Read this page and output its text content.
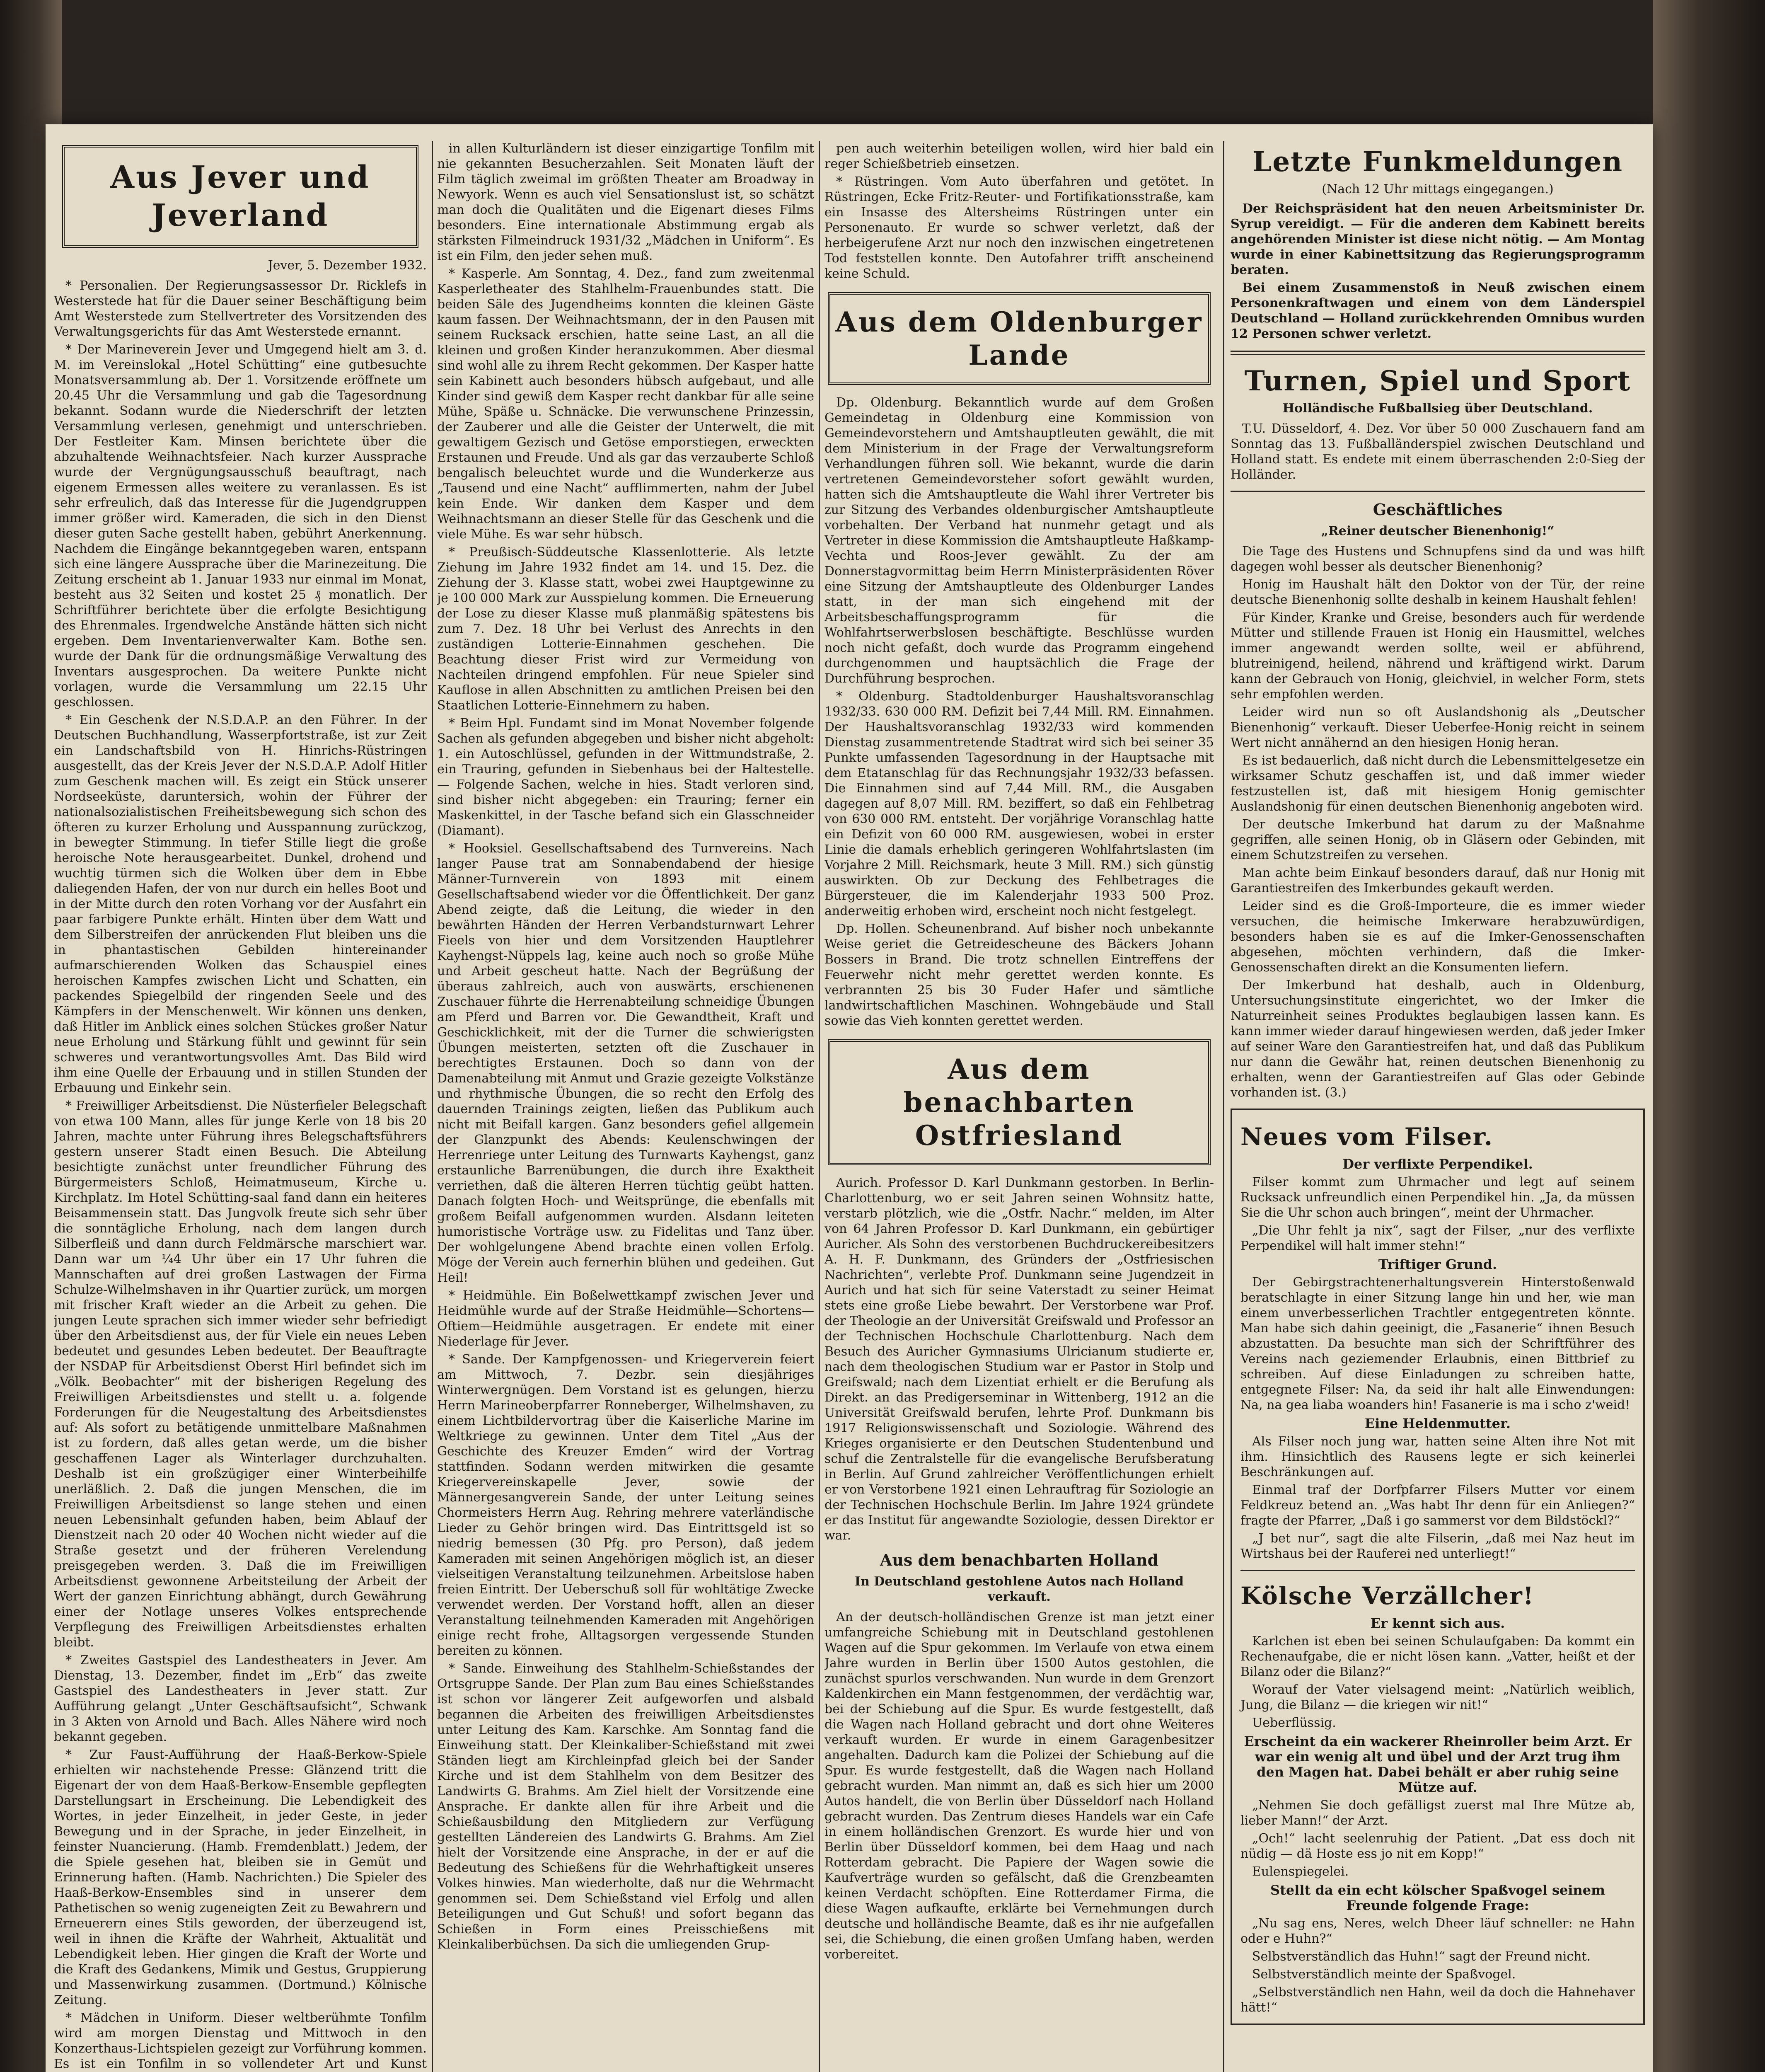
Aus Jever und Jeverland
Jever, 5. Dezember 1932.

* Personalien. Der Regierungsassessor Dr. Ricklefs in Westerstede hat für die Dauer seiner Beschäftigung beim Amt Westerstede zum Stellvertreter des Vorsitzenden des Verwaltungsgerichts für das Amt Westerstede ernannt.

* Der Marineverein Jever und Umgegend hielt am 3. d. M. im Vereinslokal „Hotel Schütting“ eine gutbesuchte Monatsversammlung ab. Der 1. Vorsitzende eröffnete um 20.45 Uhr die Versammlung und gab die Tagesordnung bekannt. Sodann wurde die Niederschrift der letzten Versammlung verlesen, genehmigt und unterschrieben. Der Festleiter Kam. Minsen berichtete über die abzuhaltende Weihnachtsfeier. Nach kurzer Aussprache wurde der Vergnügungsausschuß beauftragt, nach eigenem Ermessen alles weitere zu veranlassen. Es ist sehr erfreulich, daß das Interesse für die Jugendgruppen immer größer wird. Kameraden, die sich in den Dienst dieser guten Sache gestellt haben, gebührt Anerkennung. Nachdem die Eingänge bekanntgegeben waren, entspann sich eine längere Aussprache über die Marinezeitung. Die Zeitung erscheint ab 1. Januar 1933 nur einmal im Monat, besteht aus 32 Seiten und kostet 25 ₰ monatlich. Der Schriftführer berichtete über die erfolgte Besichtigung des Ehrenmales. Irgendwelche Anstände hätten sich nicht ergeben. Dem Inventarienverwalter Kam. Bothe sen. wurde der Dank für die ordnungsmäßige Verwaltung des Inventars ausgesprochen. Da weitere Punkte nicht vorlagen, wurde die Versammlung um 22.15 Uhr geschlossen.

* Ein Geschenk der N.S.D.A.P. an den Führer. In der Deutschen Buchhandlung, Wasserpfortstraße, ist zur Zeit ein Landschaftsbild von H. Hinrichs-Rüstringen ausgestellt, das der Kreis Jever der N.S.D.A.P. Adolf Hitler zum Geschenk machen will. Es zeigt ein Stück unserer Nordseeküste, daruntersich, wohin der Führer der nationalsozialistischen Freiheitsbewegung sich schon des öfteren zu kurzer Erholung und Ausspannung zurückzog, in bewegter Stimmung. In tiefer Stille liegt die große heroische Note herausgearbeitet. Dunkel, drohend und wuchtig türmen sich die Wolken über dem in Ebbe daliegenden Hafen, der von nur durch ein helles Boot und in der Mitte durch den roten Vorhang vor der Ausfahrt ein paar farbigere Punkte erhält. Hinten über dem Watt und dem Silberstreifen der anrückenden Flut bleiben uns die in phantastischen Gebilden hintereinander aufmarschierenden Wolken das Schauspiel eines heroischen Kampfes zwischen Licht und Schatten, ein packendes Spiegelbild der ringenden Seele und des Kämpfers in der Menschenwelt. Wir können uns denken, daß Hitler im Anblick eines solchen Stückes großer Natur neue Erholung und Stärkung fühlt und gewinnt für sein schweres und verantwortungsvolles Amt. Das Bild wird ihm eine Quelle der Erbauung und in stillen Stunden der Erbauung und Einkehr sein.

* Freiwilliger Arbeitsdienst. Die Nüsterfieler Belegschaft von etwa 100 Mann, alles für junge Kerle von 18 bis 20 Jahren, machte unter Führung ihres Belegschaftsführers gestern unserer Stadt einen Besuch. Die Abteilung besichtigte zunächst unter freundlicher Führung des Bürgermeisters Schloß, Heimatmuseum, Kirche u. Kirchplatz. Im Hotel Schütting-saal fand dann ein heiteres Beisammensein statt. Das Jungvolk freute sich sehr über die sonntägliche Erholung, nach dem langen durch Silberfleiß und dann durch Feldmärsche marschiert war. Dann war um ¼4 Uhr über ein 17 Uhr fuhren die Mannschaften auf drei großen Lastwagen der Firma Schulze-Wilhelmshaven in ihr Quartier zurück, um morgen mit frischer Kraft wieder an die Arbeit zu gehen. Die jungen Leute sprachen sich immer wieder sehr befriedigt über den Arbeitsdienst aus, der für Viele ein neues Leben bedeutet und gesundes Leben bedeutet. Der Beauftragte der NSDAP für Arbeitsdienst Oberst Hirl befindet sich im „Völk. Beobachter“ mit der bisherigen Regelung des Freiwilligen Arbeitsdienstes und stellt u. a. folgende Forderungen für die Neugestaltung des Arbeitsdienstes auf: Als sofort zu betätigende unmittelbare Maßnahmen ist zu fordern, daß alles getan werde, um die bisher geschaffenen Lager als Winterlager durchzuhalten. Deshalb ist ein großzügiger einer Winterbeihilfe unerläßlich. 2. Daß die jungen Menschen, die im Freiwilligen Arbeitsdienst so lange stehen und einen neuen Lebensinhalt gefunden haben, beim Ablauf der Dienstzeit nach 20 oder 40 Wochen nicht wieder auf die Straße gesetzt und der früheren Verelendung preisgegeben werden. 3. Daß die im Freiwilligen Arbeitsdienst gewonnene Arbeitsteilung der Arbeit der Wert der ganzen Einrichtung abhängt, durch Gewährung einer der Notlage unseres Volkes entsprechende Verpflegung des Freiwilligen Arbeitsdienstes erhalten bleibt.

* Zweites Gastspiel des Landestheaters in Jever. Am Dienstag, 13. Dezember, findet im „Erb“ das zweite Gastspiel des Landestheaters in Jever statt. Zur Aufführung gelangt „Unter Geschäftsaufsicht“, Schwank in 3 Akten von Arnold und Bach. Alles Nähere wird noch bekannt gegeben.

* Zur Faust-Aufführung der Haaß-Berkow-Spiele erhielten wir nachstehende Presse: Glänzend tritt die Eigenart der von dem Haaß-Berkow-Ensemble gepflegten Darstellungsart in Erscheinung. Die Lebendigkeit des Wortes, in jeder Einzelheit, in jeder Geste, in jeder Bewegung und in der Sprache, in jeder Einzelheit, in feinster Nuancierung. (Hamb. Fremdenblatt.) Jedem, der die Spiele gesehen hat, bleiben sie in Gemüt und Erinnerung haften. (Hamb. Nachrichten.) Die Spieler des Haaß-Berkow-Ensembles sind in unserer dem Pathetischen so wenig zugeneigten Zeit zu Bewahrern und Erneuerern eines Stils geworden, der überzeugend ist, weil in ihnen die Kräfte der Wahrheit, Aktualität und Lebendigkeit leben. Hier gingen die Kraft der Worte und die Kraft des Gedankens, Mimik und Gestus, Gruppierung und Massenwirkung zusammen. (Dortmund.) Kölnische Zeitung.

* Mädchen in Uniform. Dieser weltberühmte Tonfilm wird am morgen Dienstag und Mittwoch in den Konzerthaus-Lichtspielen gezeigt zur Vorführung kommen. Es ist ein Tonfilm in so vollendeter Art und Kunst

in allen Kulturländern ist dieser einzigartige Tonfilm mit nie gekannten Besucherzahlen. Seit Monaten läuft der Film täglich zweimal im größten Theater am Broadway in Newyork. Wenn es auch viel Sensationslust ist, so schätzt man doch die Qualitäten und die Eigenart dieses Films besonders. Eine internationale Abstimmung ergab als stärksten Filmeindruck 1931/32 „Mädchen in Uniform“. Es ist ein Film, den jeder sehen muß.

* Kasperle. Am Sonntag, 4. Dez., fand zum zweitenmal Kasperletheater des Stahlhelm-Frauenbundes statt. Die beiden Säle des Jugendheims konnten die kleinen Gäste kaum fassen. Der Weihnachtsmann, der in den Pausen mit seinem Rucksack erschien, hatte seine Last, an all die kleinen und großen Kinder heranzukommen. Aber diesmal sind wohl alle zu ihrem Recht gekommen. Der Kasper hatte sein Kabinett auch besonders hübsch aufgebaut, und alle Kinder sind gewiß dem Kasper recht dankbar für alle seine Mühe, Späße u. Schnäcke. Die verwunschene Prinzessin, der Zauberer und alle die Geister der Unterwelt, die mit gewaltigem Gezisch und Getöse emporstiegen, erweckten Erstaunen und Freude. Und als gar das verzauberte Schloß bengalisch beleuchtet wurde und die Wunderkerze aus „Tausend und eine Nacht“ aufflimmerten, nahm der Jubel kein Ende. Wir danken dem Kasper und dem Weihnachtsmann an dieser Stelle für das Geschenk und die viele Mühe. Es war sehr hübsch.

* Preußisch-Süddeutsche Klassenlotterie. Als letzte Ziehung im Jahre 1932 findet am 14. und 15. Dez. die Ziehung der 3. Klasse statt, wobei zwei Hauptgewinne zu je 100 000 Mark zur Ausspielung kommen. Die Erneuerung der Lose zu dieser Klasse muß planmäßig spätestens bis zum 7. Dez. 18 Uhr bei Verlust des Anrechts in den zuständigen Lotterie-Einnahmen geschehen. Die Beachtung dieser Frist wird zur Vermeidung von Nachteilen dringend empfohlen. Für neue Spieler sind Kauflose in allen Abschnitten zu amtlichen Preisen bei den Staatlichen Lotterie-Einnehmern zu haben.

* Beim Hpl. Fundamt sind im Monat November folgende Sachen als gefunden abgegeben und bisher nicht abgeholt: 1. ein Autoschlüssel, gefunden in der Wittmundstraße, 2. ein Trauring, gefunden in Siebenhaus bei der Haltestelle. — Folgende Sachen, welche in hies. Stadt verloren sind, sind bisher nicht abgegeben: ein Trauring; ferner ein Maskenkittel, in der Tasche befand sich ein Glasschneider (Diamant).

* Hooksiel. Gesellschaftsabend des Turnvereins. Nach langer Pause trat am Sonnabendabend der hiesige Männer-Turnverein von 1893 mit einem Gesellschaftsabend wieder vor die Öffentlichkeit. Der ganz Abend zeigte, daß die Leitung, die wieder in den bewährten Händen der Herren Verbandsturnwart Lehrer Fieels von hier und dem Vorsitzenden Hauptlehrer Kayhengst-Nüppels lag, keine auch noch so große Mühe und Arbeit gescheut hatte. Nach der Begrüßung der überaus zahlreich, auch von auswärts, erschienenen Zuschauer führte die Herrenabteilung schneidige Übungen am Pferd und Barren vor. Die Gewandtheit, Kraft und Geschicklichkeit, mit der die Turner die schwierigsten Übungen meisterten, setzten oft die Zuschauer in berechtigtes Erstaunen. Doch so dann von der Damenabteilung mit Anmut und Grazie gezeigte Volkstänze und rhythmische Übungen, die so recht den Erfolg des dauernden Trainings zeigten, ließen das Publikum auch nicht mit Beifall kargen. Ganz besonders gefiel allgemein der Glanzpunkt des Abends: Keulenschwingen der Herrenriege unter Leitung des Turnwarts Kayhengst, ganz erstaunliche Barrenübungen, die durch ihre Exaktheit verriethen, daß die älteren Herren tüchtig geübt hatten. Danach folgten Hoch- und Weitsprünge, die ebenfalls mit großem Beifall aufgenommen wurden. Alsdann leiteten humoristische Vorträge usw. zu Fidelitas und Tanz über. Der wohlgelungene Abend brachte einen vollen Erfolg. Möge der Verein auch fernerhin blühen und gedeihen. Gut Heil!

* Heidmühle. Ein Boßelwettkampf zwischen Jever und Heidmühle wurde auf der Straße Heidmühle—Schortens—Oftiem—Heidmühle ausgetragen. Er endete mit einer Niederlage für Jever.

* Sande. Der Kampfgenossen- und Kriegerverein feiert am Mittwoch, 7. Dezbr. sein diesjähriges Winterwergnügen. Dem Vorstand ist es gelungen, hierzu Herrn Marineoberpfarrer Ronneberger, Wilhelmshaven, zu einem Lichtbildervortrag über die Kaiserliche Marine im Weltkriege zu gewinnen. Unter dem Titel „Aus der Geschichte des Kreuzer Emden“ wird der Vortrag stattfinden. Sodann werden mitwirken die gesamte Kriegervereinskapelle Jever, sowie der Männergesangverein Sande, der unter Leitung seines Chormeisters Herrn Aug. Rehring mehrere vaterländische Lieder zu Gehör bringen wird. Das Eintrittsgeld ist so niedrig bemessen (30 Pfg. pro Person), daß jedem Kameraden mit seinen Angehörigen möglich ist, an dieser vielseitigen Veranstaltung teilzunehmen. Arbeitslose haben freien Eintritt. Der Ueberschuß soll für wohltätige Zwecke verwendet werden. Der Vorstand hofft, allen an dieser Veranstaltung teilnehmenden Kameraden mit Angehörigen einige recht frohe, Alltagsorgen vergessende Stunden bereiten zu können.

* Sande. Einweihung des Stahlhelm-Schießstandes der Ortsgruppe Sande. Der Plan zum Bau eines Schießstandes ist schon vor längerer Zeit aufgeworfen und alsbald begannen die Arbeiten des freiwilligen Arbeitsdienstes unter Leitung des Kam. Karschke. Am Sonntag fand die Einweihung statt. Der Kleinkaliber-Schießstand mit zwei Ständen liegt am Kirchleinpfad gleich bei der Sander Kirche und ist dem Stahlhelm von dem Besitzer des Landwirts G. Brahms. Am Ziel hielt der Vorsitzende eine Ansprache. Er dankte allen für ihre Arbeit und die Schießausbildung den Mitgliedern zur Verfügung gestellten Ländereien des Landwirts G. Brahms. Am Ziel hielt der Vorsitzende eine Ansprache, in der er auf die Bedeutung des Schießens für die Wehrhaftigkeit unseres Volkes hinwies. Man wiederholte, daß nur die Wehrmacht genommen sei. Dem Schießstand viel Erfolg und allen Beteiligungen und Gut Schuß! und sofort begann das Schießen in Form eines Preisschießens mit Kleinkaliberbüchsen. Da sich die umliegenden Grup-

pen auch weiterhin beteiligen wollen, wird hier bald ein reger Schießbetrieb einsetzen.

* Rüstringen. Vom Auto überfahren und getötet. In Rüstringen, Ecke Fritz-Reuter- und Fortifikationsstraße, kam ein Insasse des Altersheims Rüstringen unter ein Personenauto. Er wurde so schwer verletzt, daß der herbeigerufene Arzt nur noch den inzwischen eingetretenen Tod feststellen konnte. Den Autofahrer trifft anscheinend keine Schuld.

Aus dem Oldenburger Lande

Dp. Oldenburg. Bekanntlich wurde auf dem Großen Gemeindetag in Oldenburg eine Kommission von Gemeindevorstehern und Amtshauptleuten gewählt, die mit dem Ministerium in der Frage der Verwaltungsreform Verhandlungen führen soll. Wie bekannt, wurde die darin vertretenen Gemeindevorsteher sofort gewählt wurden, hatten sich die Amtshauptleute die Wahl ihrer Vertreter bis zur Sitzung des Verbandes oldenburgischer Amtshauptleute vorbehalten. Der Verband hat nunmehr getagt und als Vertreter in diese Kommission die Amtshauptleute Haßkamp-Vechta und Roos-Jever gewählt. Zu der am Donnerstagvormittag beim Herrn Ministerpräsidenten Röver eine Sitzung der Amtshauptleute des Oldenburger Landes statt, in der man sich eingehend mit der Arbeitsbeschaffungsprogramm für die Wohlfahrtserwerbslosen beschäftigte. Beschlüsse wurden noch nicht gefaßt, doch wurde das Programm eingehend durchgenommen und hauptsächlich die Frage der Durchführung besprochen.

* Oldenburg. Stadtoldenburger Haushaltsvoranschlag 1932/33. 630 000 RM. Defizit bei 7,44 Mill. RM. Einnahmen. Der Haushaltsvoranschlag 1932/33 wird kommenden Dienstag zusammentretende Stadtrat wird sich bei seiner 35 Punkte umfassenden Tagesordnung in der Hauptsache mit dem Etatanschlag für das Rechnungsjahr 1932/33 befassen. Die Einnahmen sind auf 7,44 Mill. RM., die Ausgaben dagegen auf 8,07 Mill. RM. beziffert, so daß ein Fehlbetrag von 630 000 RM. entsteht. Der vorjährige Voranschlag hatte ein Defizit von 60 000 RM. ausgewiesen, wobei in erster Linie die damals erheblich geringeren Wohlfahrtslasten (im Vorjahre 2 Mill. Reichsmark, heute 3 Mill. RM.) sich günstig auswirkten. Ob zur Deckung des Fehlbetrages die Bürgersteuer, die im Kalenderjahr 1933 500 Proz. anderweitig erhoben wird, erscheint noch nicht festgelegt.

Dp. Hollen. Scheunenbrand. Auf bisher noch unbekannte Weise geriet die Getreidescheune des Bäckers Johann Bossers in Brand. Die trotz schnellen Eintreffens der Feuerwehr nicht mehr gerettet werden konnte. Es verbrannten 25 bis 30 Fuder Hafer und sämtliche landwirtschaftlichen Maschinen. Wohngebäude und Stall sowie das Vieh konnten gerettet werden.

Aus dem benachbarten Ostfriesland

Aurich. Professor D. Karl Dunkmann gestorben. In Berlin-Charlottenburg, wo er seit Jahren seinen Wohnsitz hatte, verstarb plötzlich, wie die „Ostfr. Nachr.“ melden, im Alter von 64 Jahren Professor D. Karl Dunkmann, ein gebürtiger Auricher. Als Sohn des verstorbenen Buchdruckereibesitzers A. H. F. Dunkmann, des Gründers der „Ostfriesischen Nachrichten“, verlebte Prof. Dunkmann seine Jugendzeit in Aurich und hat sich für seine Vaterstadt zu seiner Heimat stets eine große Liebe bewahrt. Der Verstorbene war Prof. der Theologie an der Universität Greifswald und Professor an der Technischen Hochschule Charlottenburg. Nach dem Besuch des Auricher Gymnasiums Ulricianum studierte er, nach dem theologischen Studium war er Pastor in Stolp und Greifswald; nach dem Lizentiat erhielt er die Berufung als Direkt. an das Predigerseminar in Wittenberg, 1912 an die Universität Greifswald berufen, lehrte Prof. Dunkmann bis 1917 Religionswissenschaft und Soziologie. Während des Krieges organisierte er den Deutschen Studentenbund und schuf die Zentralstelle für die evangelische Berufsberatung in Berlin. Auf Grund zahlreicher Veröffentlichungen erhielt er von Verstorbene 1921 einen Lehrauftrag für Soziologie an der Technischen Hochschule Berlin. Im Jahre 1924 gründete er das Institut für angewandte Soziologie, dessen Direktor er war.

Aus dem benachbarten Holland
In Deutschland gestohlene Autos nach Holland verkauft.

An der deutsch-holländischen Grenze ist man jetzt einer umfangreiche Schiebung mit in Deutschland gestohlenen Wagen auf die Spur gekommen. Im Verlaufe von etwa einem Jahre wurden in Berlin über 1500 Autos gestohlen, die zunächst spurlos verschwanden. Nun wurde in dem Grenzort Kaldenkirchen ein Mann festgenommen, der verdächtig war, bei der Schiebung auf die Spur. Es wurde festgestellt, daß die Wagen nach Holland gebracht und dort ohne Weiteres verkauft wurden. Er wurde in einem Garagenbesitzer angehalten. Dadurch kam die Polizei der Schiebung auf die Spur. Es wurde festgestellt, daß die Wagen nach Holland gebracht wurden. Man nimmt an, daß es sich hier um 2000 Autos handelt, die von Berlin über Düsseldorf nach Holland gebracht wurden. Das Zentrum dieses Handels war ein Cafe in einem holländischen Grenzort. Es wurde hier und von Berlin über Düsseldorf kommen, bei dem Haag und nach Rotterdam gebracht. Die Papiere der Wagen sowie die Kaufverträge wurden so gefälscht, daß die Grenzbeamten keinen Verdacht schöpften. Eine Rotterdamer Firma, die diese Wagen aufkaufte, erklärte bei Vernehmungen durch deutsche und holländische Beamte, daß es ihr nie aufgefallen sei, die Schiebung, die einen großen Umfang haben, werden vorbereitet.

Letzte Funkmeldungen
(Nach 12 Uhr mittags eingegangen.)

Der Reichspräsident hat den neuen Arbeitsminister Dr. Syrup vereidigt. — Für die anderen dem Kabinett bereits angehörenden Minister ist diese nicht nötig. — Am Montag wurde in einer Kabinettsitzung das Regierungsprogramm beraten.

Bei einem Zusammenstoß in Neuß zwischen einem Personenkraftwagen und einem von dem Länderspiel Deutschland — Holland zurückkehrenden Omnibus wurden 12 Personen schwer verletzt.

Turnen, Spiel und Sport
Holländische Fußballsieg über Deutschland.

T.U. Düsseldorf, 4. Dez. Vor über 50 000 Zuschauern fand am Sonntag das 13. Fußballänderspiel zwischen Deutschland und Holland statt. Es endete mit einem überraschenden 2:0-Sieg der Holländer.

Geschäftliches
„Reiner deutscher Bienenhonig!“

Die Tage des Hustens und Schnupfens sind da und was hilft dagegen wohl besser als deutscher Bienenhonig?

Honig im Haushalt hält den Doktor von der Tür, der reine deutsche Bienenhonig sollte deshalb in keinem Haushalt fehlen!

Für Kinder, Kranke und Greise, besonders auch für werdende Mütter und stillende Frauen ist Honig ein Hausmittel, welches immer angewandt werden sollte, weil er abführend, blutreinigend, heilend, nährend und kräftigend wirkt. Darum kann der Gebrauch von Honig, gleichviel, in welcher Form, stets sehr empfohlen werden.

Leider wird nun so oft Auslandshonig als „Deutscher Bienenhonig“ verkauft. Dieser Ueberfee-Honig reicht in seinem Wert nicht annähernd an den hiesigen Honig heran.

Es ist bedauerlich, daß nicht durch die Lebensmittelgesetze ein wirksamer Schutz geschaffen ist, und daß immer wieder festzustellen ist, daß mit hiesigem Honig gemischter Auslandshonig für einen deutschen Bienenhonig angeboten wird.

Der deutsche Imkerbund hat darum zu der Maßnahme gegriffen, alle seinen Honig, ob in Gläsern oder Gebinden, mit einem Schutzstreifen zu versehen.

Man achte beim Einkauf besonders darauf, daß nur Honig mit Garantiestreifen des Imkerbundes gekauft werden.

Leider sind es die Groß-Importeure, die es immer wieder versuchen, die heimische Imkerware herabzuwürdigen, besonders haben sie es auf die Imker-Genossenschaften abgesehen, möchten verhindern, daß die Imker-Genossenschaften direkt an die Konsumenten liefern.

Der Imkerbund hat deshalb, auch in Oldenburg, Untersuchungsinstitute eingerichtet, wo der Imker die Naturreinheit seines Produktes beglaubigen lassen kann. Es kann immer wieder darauf hingewiesen werden, daß jeder Imker auf seiner Ware den Garantiestreifen hat, und daß das Publikum nur dann die Gewähr hat, reinen deutschen Bienenhonig zu erhalten, wenn der Garantiestreifen auf Glas oder Gebinde vorhanden ist. (3.)

Neues vom Filser.
Der verflixte Perpendikel.

Filser kommt zum Uhrmacher und legt auf seinem Rucksack unfreundlich einen Perpendikel hin. „Ja, da müssen Sie die Uhr schon auch bringen“, meint der Uhrmacher.

„Die Uhr fehlt ja nix“, sagt der Filser, „nur des verflixte Perpendikel will halt immer stehn!“

Triftiger Grund.

Der Gebirgstrachtenerhaltungsverein Hinterstoßenwald beratschlagte in einer Sitzung lange hin und her, wie man einem unverbesserlichen Trachtler entgegentreten könnte. Man habe sich dahin geeinigt, die „Fasanerie“ ihnen Besuch abzustatten. Da besuchte man sich der Schriftführer des Vereins nach geziemender Erlaubnis, einen Bittbrief zu schreiben. Auf diese Einladungen zu schreiben hatte, entgegnete Filser: Na, da seid ihr halt alle Einwendungen: Na, na gea liaba woanders hin! Fasanerie is ma i scho z'weid!

Eine Heldenmutter.

Als Filser noch jung war, hatten seine Alten ihre Not mit ihm. Hinsichtlich des Rausens legte er sich keinerlei Beschränkungen auf.

Einmal traf der Dorfpfarrer Filsers Mutter vor einem Feldkreuz betend an. „Was habt Ihr denn für ein Anliegen?“ fragte der Pfarrer, „Daß i go sammerst vor dem Bildstöckl?“

„J bet nur“, sagt die alte Filserin, „daß mei Naz heut im Wirtshaus bei der Rauferei ned unterliegt!“

Kölsche Verzällcher!
Er kennt sich aus.

Karlchen ist eben bei seinen Schulaufgaben: Da kommt ein Rechenaufgabe, die er nicht lösen kann. „Vatter, heißt et der Bilanz oder die Bilanz?“

Worauf der Vater vielsagend meint: „Natürlich weiblich, Jung, die Bilanz — die kriegen wir nit!“

Ueberflüssig.

Erscheint da ein wackerer Rheinroller beim Arzt. Er war ein wenig alt und übel und der Arzt trug ihm den Magen hat. Dabei behält er aber ruhig seine Mütze auf.

„Nehmen Sie doch gefälligst zuerst mal Ihre Mütze ab, lieber Mann!“ der Arzt.

„Och!“ lacht seelenruhig der Patient. „Dat ess doch nit nüdig — dä Hoste ess jo nit em Kopp!“

Eulenspiegelei.

Stellt da ein echt kölscher Spaßvogel seinem Freunde folgende Frage:

„Nu sag ens, Neres, welch Dheer läuf schneller: ne Hahn oder e Huhn?“

Selbstverständlich das Huhn!“ sagt der Freund nicht.

Selbstverständlich meinte der Spaßvogel.

„Selbstverständlich nen Hahn, weil da doch die Hahnehaver hätt!“
